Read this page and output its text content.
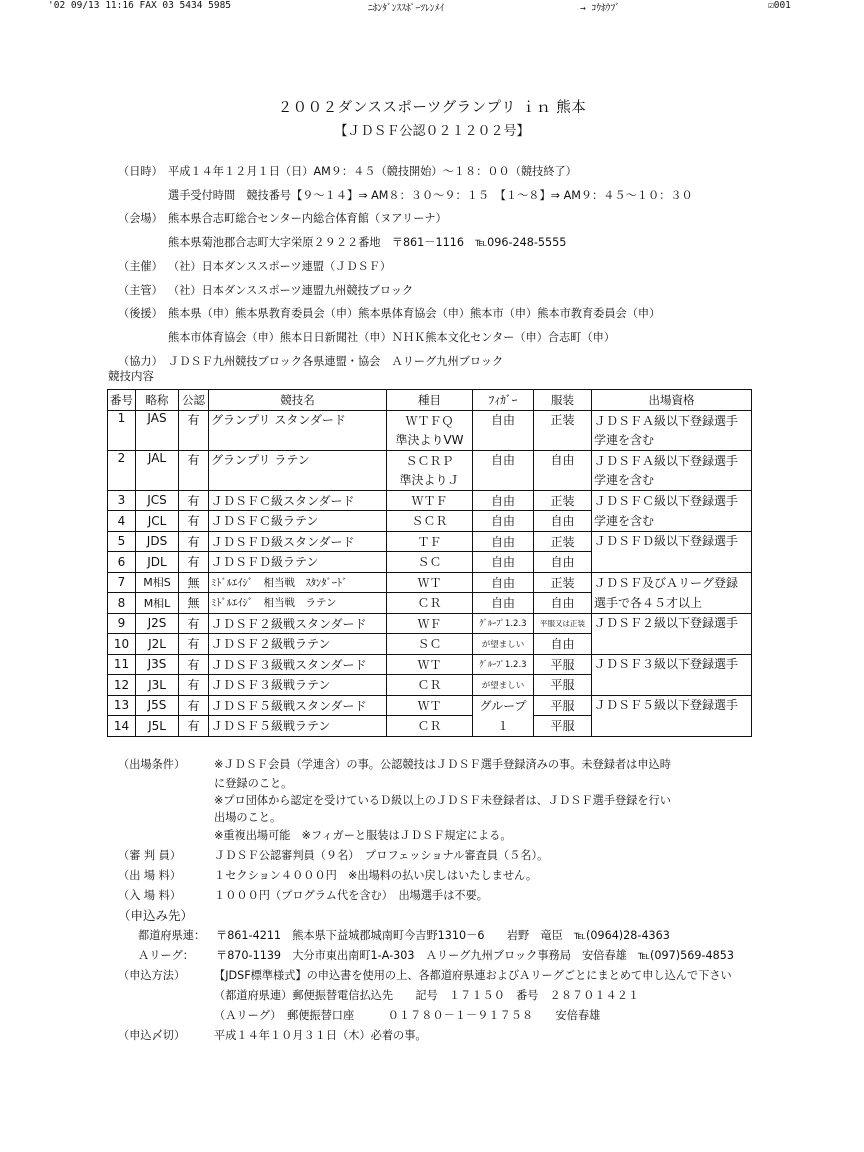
'02 09/13 11:16 FAX 03 5434 5985	ﾆﾎﾝﾀﾞﾝｽｽﾎﾟｰﾂﾚﾝﾒｲ	→ ｺｳﾎｳﾌﾞ	☑001
２００２ダンススポーツグランプリ ｉｎ 熊本
【ＪＤＳＦ公認０２１２０２号】
（日時） 平成１４年１２月１日（日）AM９：４５（競技開始）～１８：００（競技終了）
選手受付時間　競技番号【９～１４】⇒ AM８：３０～９：１５　【１～８】⇒ AM９：４５～１０：３０
（会場） 熊本県合志町総合センター内総合体育館（ヌアリーナ）
熊本県菊池郡合志町大字栄原２９２２番地　〒861－1116　℡096-248-5555
（主催） （社）日本ダンススポーツ連盟（ＪＤＳＦ）
（主管） （社）日本ダンススポーツ連盟九州競技ブロック
（後援） 熊本県（申）熊本県教育委員会（申）熊本県体育協会（申）熊本市（申）熊本市教育委員会（申）
熊本市体育協会（申）熊本日日新聞社（申）ＮＨＫ熊本文化センター（申）合志町（申）
（協力） ＪＤＳＦ九州競技ブロック各県連盟・協会　Ａリーグ九州ブロック
競技内容
番号	略称	公認	競技名	種目	ﾌｨｶﾞｰ	服装	出場資格
1	JAS	有	グランプリ スタンダード	ＷＴＦＱ	自由	正装	ＪＤＳＦＡ級以下登録選手
				準決よりVW			学連を含む
2	JAL	有	グランプリ ラテン	ＳＣＲＰ	自由	自由	ＪＤＳＦＡ級以下登録選手
				準決よりＪ			学連を含む
3	JCS	有	ＪＤＳＦＣ級スタンダード	ＷＴＦ	自由	正装	ＪＤＳＦＣ級以下登録選手
4	JCL	有	ＪＤＳＦＣ級ラテン	ＳＣＲ	自由	自由	学連を含む
5	JDS	有	ＪＤＳＦＤ級スタンダード	ＴＦ	自由	正装	ＪＤＳＦＤ級以下登録選手
6	JDL	有	ＪＤＳＦＤ級ラテン	ＳＣ	自由	自由	
7	M相S	無	ﾐﾄﾞﾙｴｲｼﾞ　相当戦　ｽﾀﾝﾀﾞｰﾄﾞ	ＷＴ	自由	正装	ＪＤＳＦ及びＡリーグ登録
8	M相L	無	ﾐﾄﾞﾙｴｲｼﾞ　相当戦　ラテン	ＣＲ	自由	自由	選手で各４５才以上
9	J2S	有	ＪＤＳＦ２級戦スタンダード	ＷＦ	ｸﾞﾙｰﾌﾟ1.2.3	平服又は正装	ＪＤＳＦ２級以下登録選手
10	J2L	有	ＪＤＳＦ２級戦ラテン	ＳＣ	が望ましい	自由	
11	J3S	有	ＪＤＳＦ３級戦スタンダード	ＷＴ	ｸﾞﾙｰﾌﾟ1.2.3	平服	ＪＤＳＦ３級以下登録選手
12	J3L	有	ＪＤＳＦ３級戦ラテン	ＣＲ	が望ましい	平服	
13	J5S	有	ＪＤＳＦ５級戦スタンダード	ＷＴ	グループ	平服	ＪＤＳＦ５級以下登録選手
14	J5L	有	ＪＤＳＦ５級戦ラテン	ＣＲ	１	平服	
（出場条件）	※ＪＤＳＦ会員（学連含）の事。公認競技はＪＤＳＦ選手登録済みの事。未登録者は申込時
に登録のこと。
※プロ団体から認定を受けているＤ級以上のＪＤＳＦ未登録者は、ＪＤＳＦ選手登録を行い
出場のこと。
※重複出場可能　※フィガーと服装はＪＤＳＦ規定による。
（審 判 員）	ＪＤＳＦ公認審判員（９名）　プロフェッショナル審査員（５名）。
（出 場 料）	１セクション４０００円　※出場料の払い戻しはいたしません。
（入 場 料）	１０００円（プログラム代を含む）　出場選手は不要。
（申込み先）
都道府県連： 〒861-4211　熊本県下益城郡城南町今吉野1310－6　　岩野　竜臣　℡(0964)28-4363
Ａリーグ： 〒870-1139　大分市東出南町1-A-303　Ａリーグ九州ブロック事務局　安倍春雄　℡(097)569-4853
（申込方法）	【JDSF標準様式】の申込書を使用の上、各都道府県連およびＡリーグごとにまとめて申し込んで下さい
（都道府県連）郵便振替電信払込先　　記号　１７１５０　番号　２８７０１４２１
（Ａリーグ）　郵便振替口座　　　０１７８０－１－９１７５８　　安倍春雄
（申込〆切）	平成１４年１０月３１日（木）必着の事。
